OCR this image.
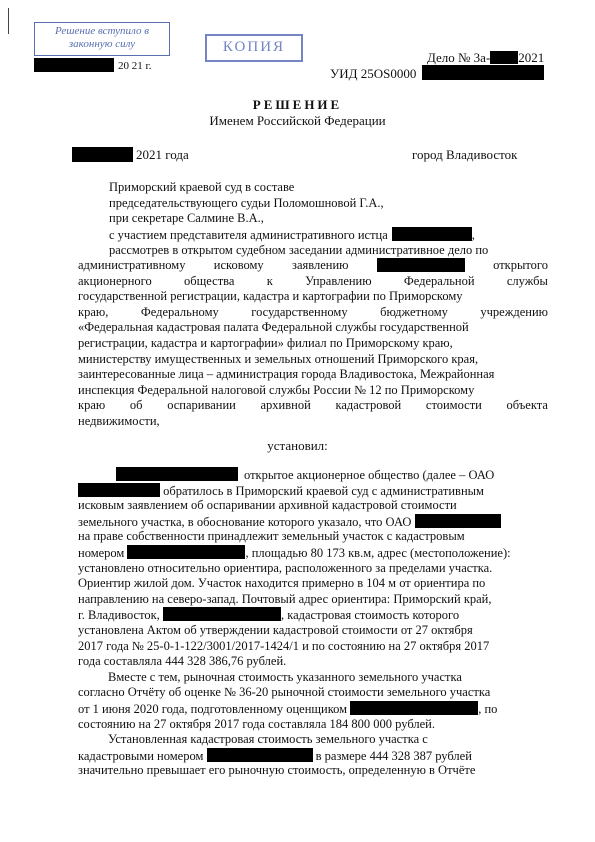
Решение вступило в
законную силу
20 21 г.
КОПИЯ
Дело № 3а- 2021
УИД 25OS0000
РЕШЕНИЕ
Именем Российской Федерации
2021 года	город Владивосток
Приморский краевой суд в составе
председательствующего судьи Поломошновой Г.А.,
при секретаре Салмине В.А.,
с участием представителя административного истца	,
рассмотрев в открытом судебном заседании административное дело по
административному исковому заявлению	открытого
акционерного	общества	к	Управлению	Федеральной	службы
государственной регистрации, кадастра и картографии по Приморскому
краю,	Федеральному	государственному	бюджетному	учреждению
«Федеральная кадастровая палата Федеральной службы государственной
регистрации, кадастра и картографии» филиал по Приморскому краю,
министерству имущественных и земельных отношений Приморского края,
заинтересованные лица – администрация города Владивостока, Межрайонная
инспекция Федеральной налоговой службы России № 12 по Приморскому
краю об оспаривании архивной кадастровой стоимости объекта
недвижимости,
установил:
открытое акционерное общество (далее – ОАО
обратилось в Приморский краевой суд с административным
исковым заявлением об оспаривании архивной кадастровой стоимости
земельного участка, в обоснование которого указало, что ОАО
на праве собственности принадлежит земельный участок с кадастровым
номером	, площадью 80 173 кв.м, адрес (местоположение):
установлено относительно ориентира, расположенного за пределами участка.
Ориентир жилой дом. Участок находится примерно в 104 м от ориентира по
направлению на северо-запад. Почтовый адрес ориентира: Приморский край,
г. Владивосток,	, кадастровая стоимость которого
установлена Актом об утверждении кадастровой стоимости от 27 октября
2017 года № 25-0-1-122/3001/2017-1424/1 и по состоянию на 27 октября 2017
года составляла 444 328 386,76 рублей.
Вместе с тем, рыночная стоимость указанного земельного участка
согласно Отчёту об оценке № 36-20 рыночной стоимости земельного участка
от 1 июня 2020 года, подготовленному оценщиком	, по
состоянию на 27 октября 2017 года составляла 184 800 000 рублей.
Установленная кадастровая стоимость земельного участка с
кадастровыми номером	в размере 444 328 387 рублей
значительно превышает его рыночную стоимость, определенную в Отчёте
